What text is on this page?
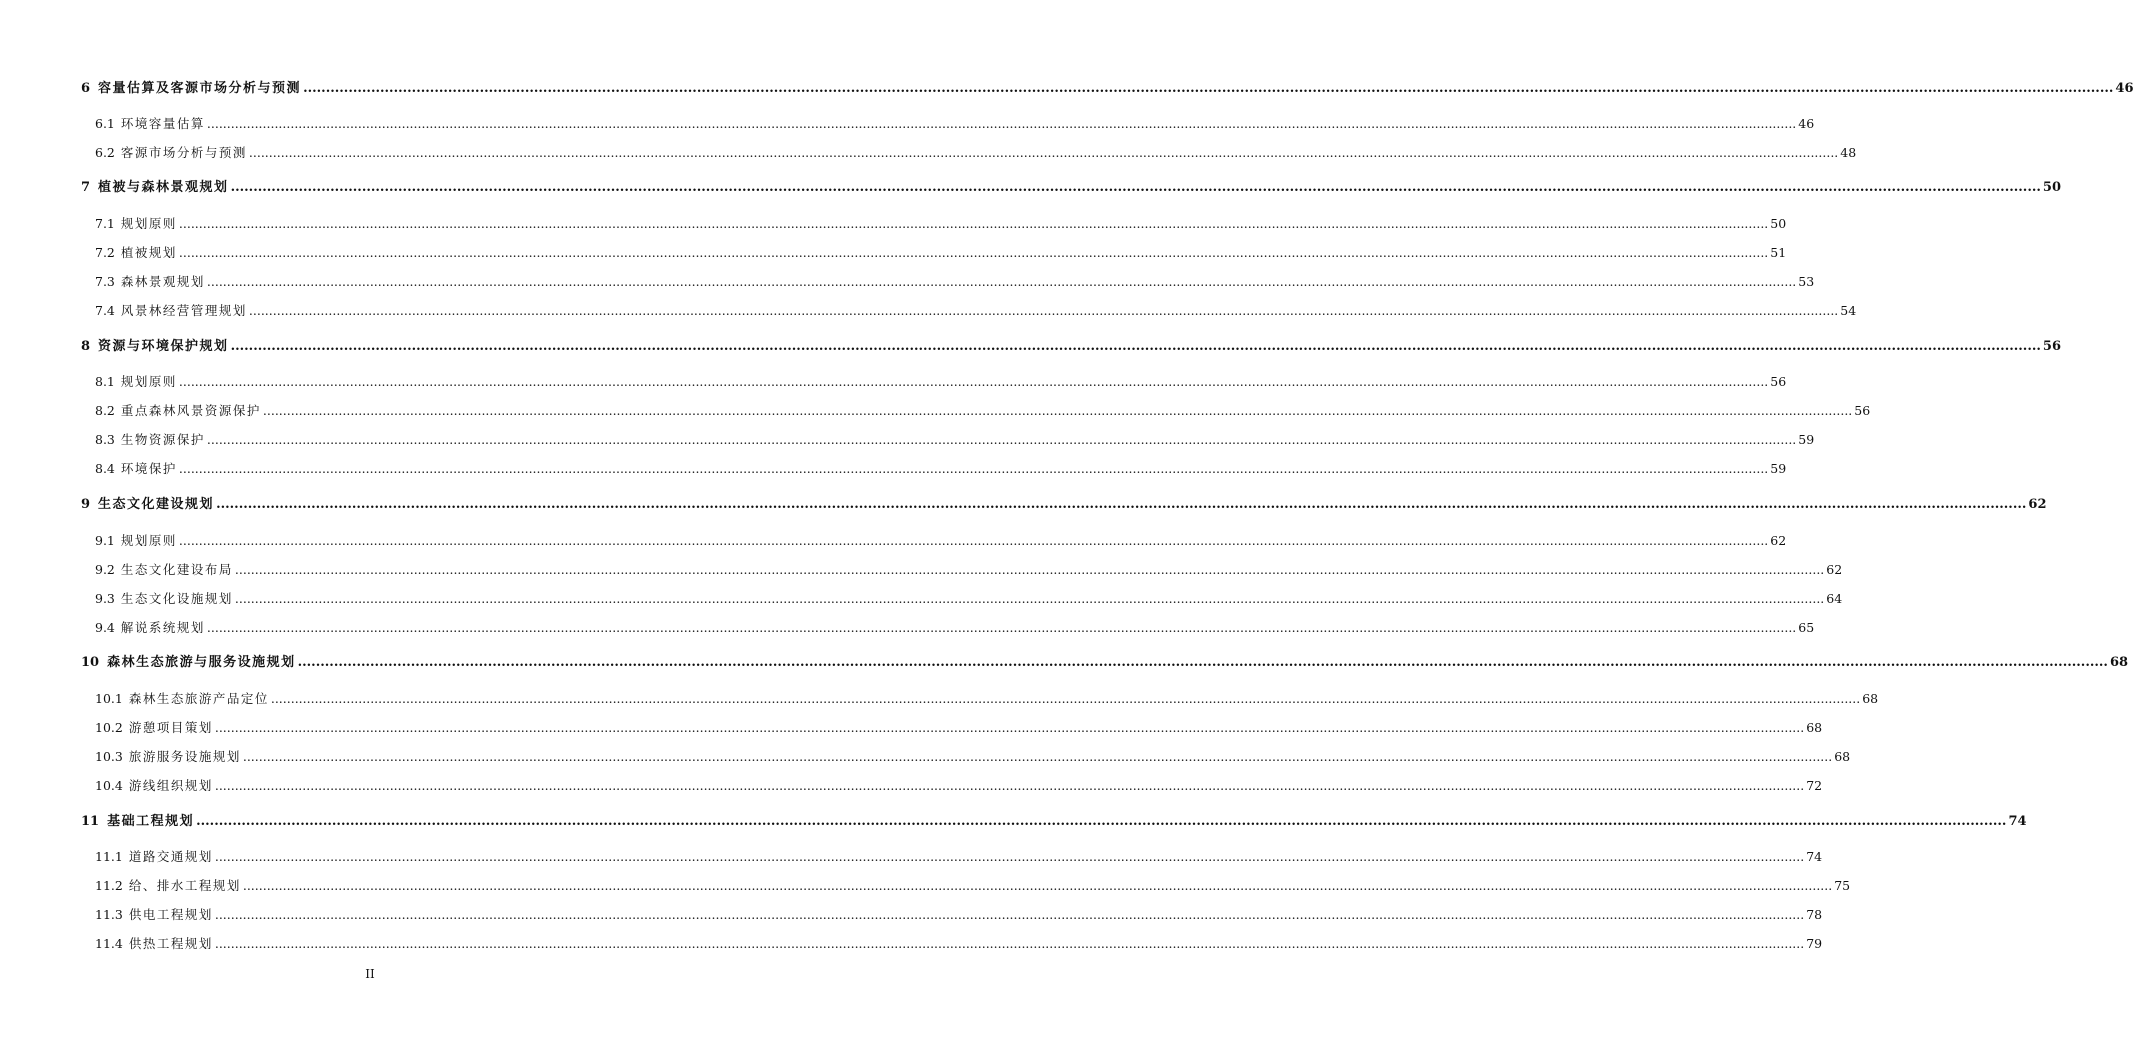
6 容量估算及客源市场分析与预测 ................................................................................................................................................................................................................................................................................................................................................................................................................ 46
6.1 环境容量估算 ................................................................................................................................................................................................................................................................................................................................................................................................................ 46
6.2 客源市场分析与预测 ................................................................................................................................................................................................................................................................................................................................................................................................................ 48
7 植被与森林景观规划 ................................................................................................................................................................................................................................................................................................................................................................................................................ 50
7.1 规划原则 ................................................................................................................................................................................................................................................................................................................................................................................................................ 50
7.2 植被规划 ................................................................................................................................................................................................................................................................................................................................................................................................................ 51
7.3 森林景观规划 ................................................................................................................................................................................................................................................................................................................................................................................................................ 53
7.4 风景林经营管理规划 ................................................................................................................................................................................................................................................................................................................................................................................................................ 54
8 资源与环境保护规划 ................................................................................................................................................................................................................................................................................................................................................................................................................ 56
8.1 规划原则 ................................................................................................................................................................................................................................................................................................................................................................................................................ 56
8.2 重点森林风景资源保护 ................................................................................................................................................................................................................................................................................................................................................................................................................ 56
8.3 生物资源保护 ................................................................................................................................................................................................................................................................................................................................................................................................................ 59
8.4 环境保护 ................................................................................................................................................................................................................................................................................................................................................................................................................ 59
9 生态文化建设规划 ................................................................................................................................................................................................................................................................................................................................................................................................................ 62
9.1 规划原则 ................................................................................................................................................................................................................................................................................................................................................................................................................ 62
9.2 生态文化建设布局 ................................................................................................................................................................................................................................................................................................................................................................................................................ 62
9.3 生态文化设施规划 ................................................................................................................................................................................................................................................................................................................................................................................................................ 64
9.4 解说系统规划 ................................................................................................................................................................................................................................................................................................................................................................................................................ 65
10 森林生态旅游与服务设施规划 ................................................................................................................................................................................................................................................................................................................................................................................................................ 68
10.1 森林生态旅游产品定位 ................................................................................................................................................................................................................................................................................................................................................................................................................ 68
10.2 游憩项目策划 ................................................................................................................................................................................................................................................................................................................................................................................................................ 68
10.3 旅游服务设施规划 ................................................................................................................................................................................................................................................................................................................................................................................................................ 68
10.4 游线组织规划 ................................................................................................................................................................................................................................................................................................................................................................................................................ 72
11 基础工程规划 ................................................................................................................................................................................................................................................................................................................................................................................................................ 74
11.1 道路交通规划 ................................................................................................................................................................................................................................................................................................................................................................................................................ 74
11.2 给、排水工程规划 ................................................................................................................................................................................................................................................................................................................................................................................................................ 75
11.3 供电工程规划 ................................................................................................................................................................................................................................................................................................................................................................................................................ 78
11.4 供热工程规划 ................................................................................................................................................................................................................................................................................................................................................................................................................ 79
II
